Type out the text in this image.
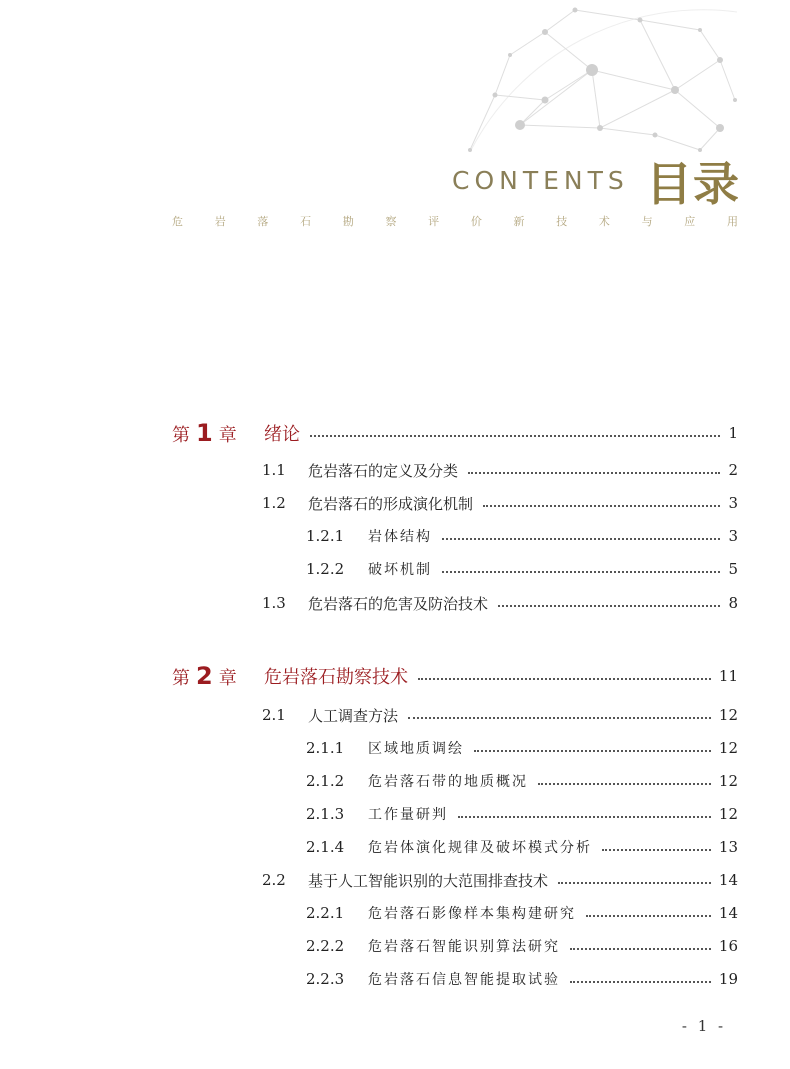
CONTENTS 目录
危	岩	落	石	勘	察	评	价	新	技	术	与	应	用
第 1 章 绪论	1
1.1	危岩落石的定义及分类	2
1.2	危岩落石的形成演化机制	3
1.2.1	岩体结构	3
1.2.2	破坏机制	5
1.3	危岩落石的危害及防治技术	8
第 2 章 危岩落石勘察技术	11
2.1	人工调查方法	12
2.1.1	区域地质调绘	12
2.1.2	危岩落石带的地质概况	12
2.1.3	工作量研判	12
2.1.4	危岩体演化规律及破坏模式分析	13
2.2	基于人工智能识别的大范围排查技术	14
2.2.1	危岩落石影像样本集构建研究	14
2.2.2	危岩落石智能识别算法研究	16
2.2.3	危岩落石信息智能提取试验	19
- 1 -
